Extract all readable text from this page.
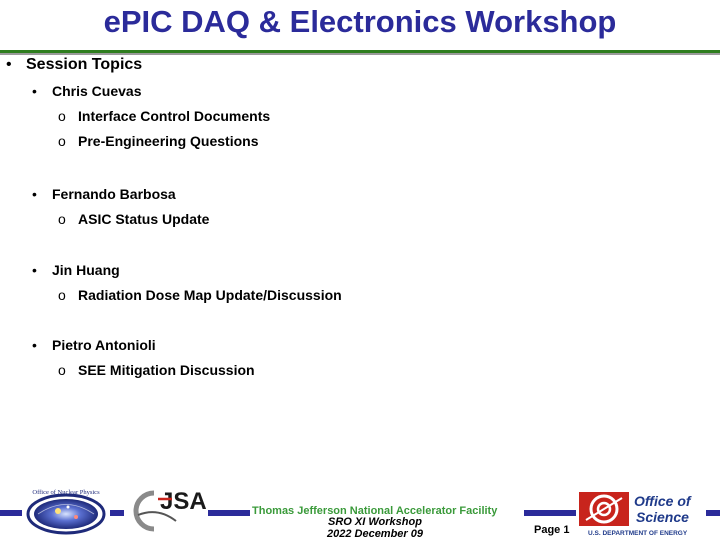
ePIC DAQ & Electronics Workshop
• Session Topics
• Chris Cuevas
o Interface Control Documents
o Pre-Engineering Questions
• Fernando Barbosa
o ASIC Status Update
• Jin Huang
o Radiation Dose Map Update/Discussion
• Pietro Antonioli
o SEE Mitigation Discussion
Office of Nuclear Physics	JSA	Thomas Jefferson National Accelerator Facility
SRO XI Workshop
2022 December 09	Page 1
Office of
Science
U.S. DEPARTMENT OF ENERGY
